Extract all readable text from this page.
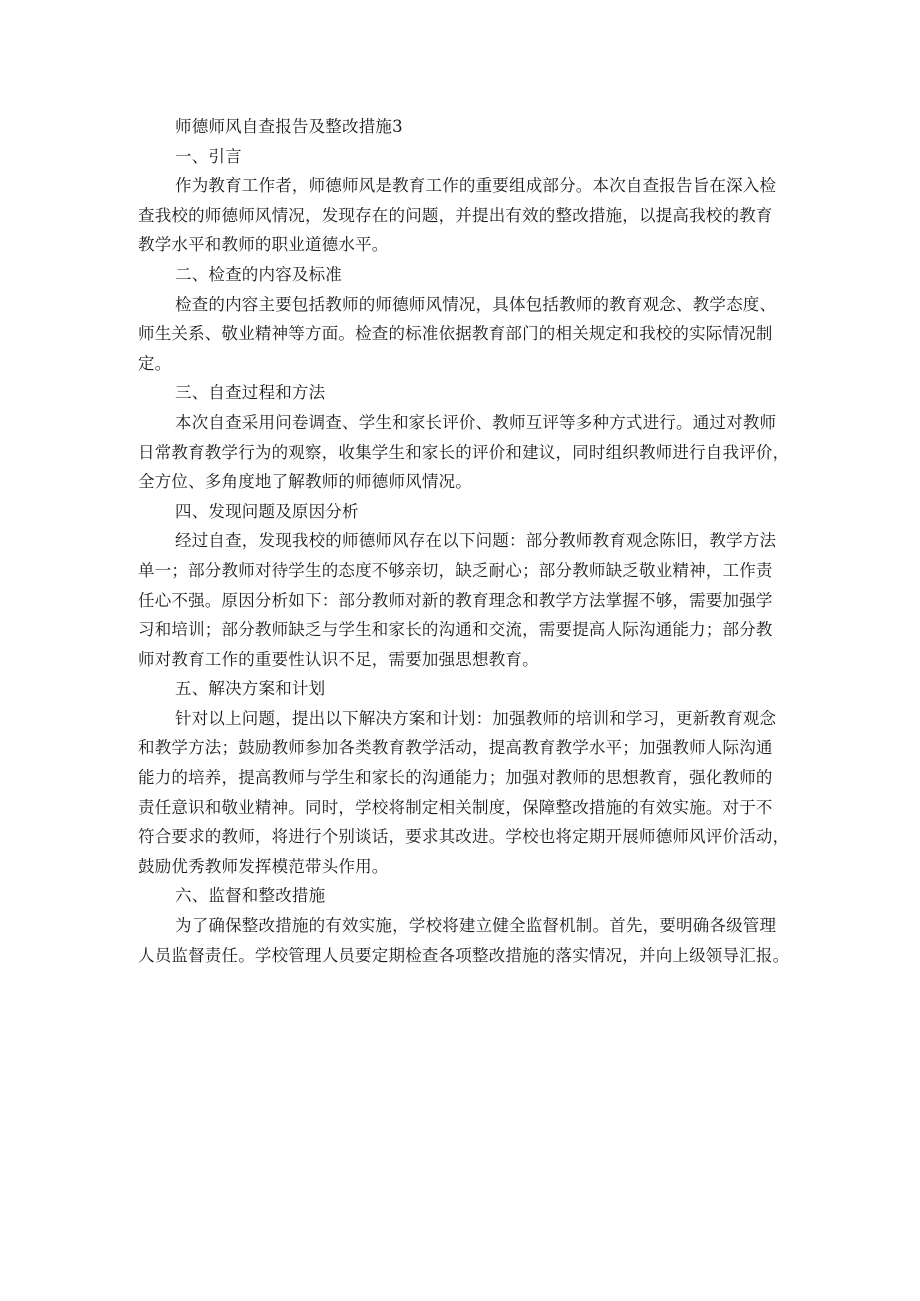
师德师风自查报告及整改措施3
一、引言
作为教育工作者，师德师风是教育工作的重要组成部分。本次自查报告旨在深入检
查我校的师德师风情况，发现存在的问题，并提出有效的整改措施，以提高我校的教育
教学水平和教师的职业道德水平。
二、检查的内容及标准
检查的内容主要包括教师的师德师风情况，具体包括教师的教育观念、教学态度、
师生关系、敬业精神等方面。检查的标准依据教育部门的相关规定和我校的实际情况制
定。
三、自查过程和方法
本次自查采用问卷调查、学生和家长评价、教师互评等多种方式进行。通过对教师
日常教育教学行为的观察，收集学生和家长的评价和建议，同时组织教师进行自我评价，
全方位、多角度地了解教师的师德师风情况。
四、发现问题及原因分析
经过自查，发现我校的师德师风存在以下问题：部分教师教育观念陈旧，教学方法
单一；部分教师对待学生的态度不够亲切，缺乏耐心；部分教师缺乏敬业精神，工作责
任心不强。原因分析如下：部分教师对新的教育理念和教学方法掌握不够，需要加强学
习和培训；部分教师缺乏与学生和家长的沟通和交流，需要提高人际沟通能力；部分教
师对教育工作的重要性认识不足，需要加强思想教育。
五、解决方案和计划
针对以上问题，提出以下解决方案和计划：加强教师的培训和学习，更新教育观念
和教学方法；鼓励教师参加各类教育教学活动，提高教育教学水平；加强教师人际沟通
能力的培养，提高教师与学生和家长的沟通能力；加强对教师的思想教育，强化教师的
责任意识和敬业精神。同时，学校将制定相关制度，保障整改措施的有效实施。对于不
符合要求的教师，将进行个别谈话，要求其改进。学校也将定期开展师德师风评价活动，
鼓励优秀教师发挥模范带头作用。
六、监督和整改措施
为了确保整改措施的有效实施，学校将建立健全监督机制。首先，要明确各级管理
人员监督责任。学校管理人员要定期检查各项整改措施的落实情况，并向上级领导汇报。
